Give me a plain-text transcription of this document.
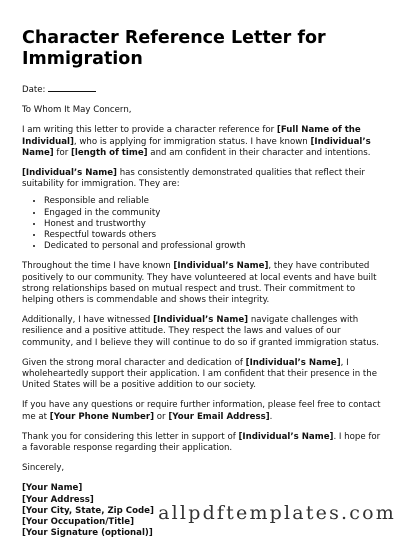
Character Reference Letter for
Immigration

Date:

To Whom It May Concern,

I am writing this letter to provide a character reference for [Full Name of the Individual], who is applying for immigration status. I have known [Individual’s Name] for [length of time] and am confident in their character and intentions.

[Individual’s Name] has consistently demonstrated qualities that reflect their suitability for immigration. They are:

• Responsible and reliable
• Engaged in the community
• Honest and trustworthy
• Respectful towards others
• Dedicated to personal and professional growth

Throughout the time I have known [Individual’s Name], they have contributed positively to our community. They have volunteered at local events and have built strong relationships based on mutual respect and trust. Their commitment to helping others is commendable and shows their integrity.

Additionally, I have witnessed [Individual’s Name] navigate challenges with resilience and a positive attitude. They respect the laws and values of our community, and I believe they will continue to do so if granted immigration status.

Given the strong moral character and dedication of [Individual’s Name], I wholeheartedly support their application. I am confident that their presence in the United States will be a positive addition to our society.

If you have any questions or require further information, please feel free to contact me at [Your Phone Number] or [Your Email Address].

Thank you for considering this letter in support of [Individual’s Name]. I hope for a favorable response regarding their application.

Sincerely,

[Your Name]

[Your Address]

[Your City, State, Zip Code]

[Your Occupation/Title]

[Your Signature (optional)]

allpdftemplates.com
